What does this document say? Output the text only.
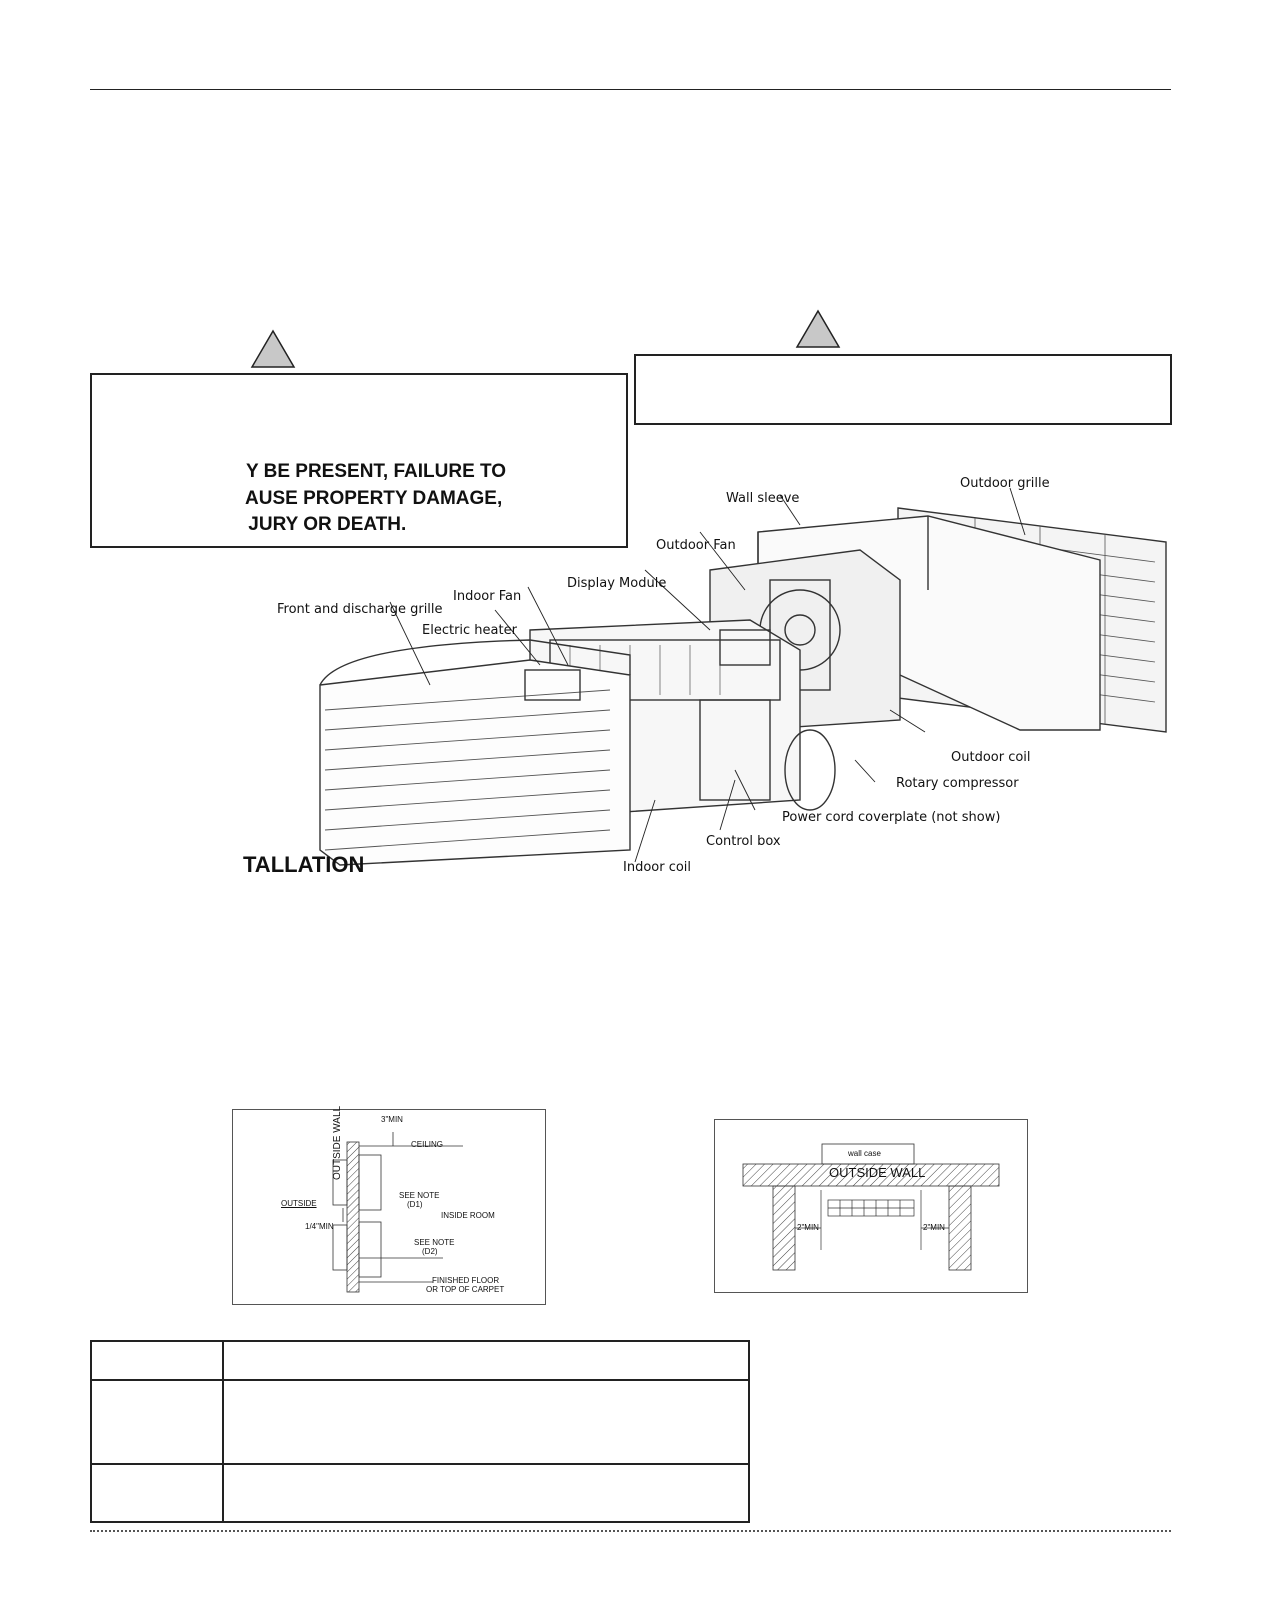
Y BE PRESENT, FAILURE TO
AUSE PROPERTY DAMAGE,
JURY OR DEATH.
Outdoor grille
Wall sleeve
Outdoor Fan
Display Module
Indoor Fan
Front and discharge grille
Electric heater
Outdoor coil
Rotary compressor
Power cord coverplate (not show)
Control box
Indoor coil
TALLATION
3"MIN
CEILING
OUTSIDE WALL
SEE NOTE
(D1)
INSIDE ROOM
OUTSIDE
1/4"MIN
SEE NOTE
(D2)
FINISHED FLOOR
OR TOP OF CARPET
wall case
OUTSIDE WALL
2"MIN	2"MIN
